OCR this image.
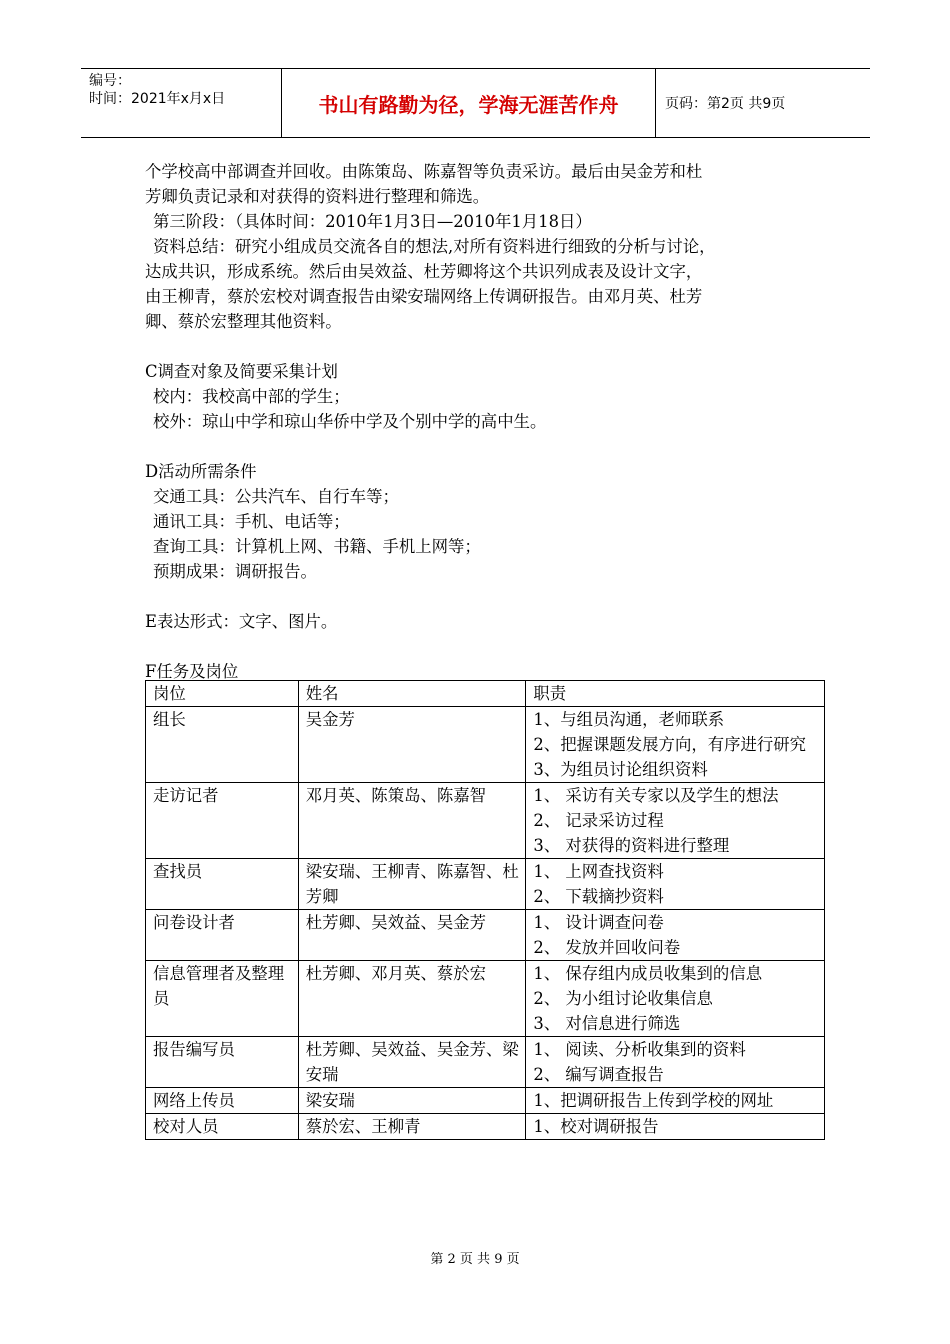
编号：
时间：2021年x月x日	书山有路勤为径，学海无涯苦作舟	页码：第2页 共9页

个学校高中部调查并回收。由陈策岛、陈嘉智等负责采访。最后由吴金芳和杜

芳卿负责记录和对获得的资料进行整理和筛选。

第三阶段：（具体时间：2010年1月3日—2010年1月18日）

资料总结：研究小组成员交流各自的想法,对所有资料进行细致的分析与讨论，

达成共识，形成系统。然后由吴效益、杜芳卿将这个共识列成表及设计文字，

由王柳青，蔡於宏校对调查报告由梁安瑞网络上传调研报告。由邓月英、杜芳

卿、蔡於宏整理其他资料。

C调查对象及简要采集计划

校内：我校高中部的学生；

校外：琼山中学和琼山华侨中学及个别中学的高中生。

D活动所需条件

交通工具：公共汽车、自行车等；

通讯工具：手机、电话等；

查询工具：计算机上网、书籍、手机上网等；

预期成果：调研报告。

E表达形式：文字、图片。

F任务及岗位

岗位	姓名	职责
组长	吴金芳	1、与组员沟通，老师联系
2、把握课题发展方向，有序进行研究
3、为组员讨论组织资料

走访记者	邓月英、陈策岛、陈嘉智	1、 采访有关专家以及学生的想法
2、 记录采访过程
3、 对获得的资料进行整理

查找员	梁安瑞、王柳青、陈嘉智、杜芳卿	1、 上网查找资料
2、 下载摘抄资料

问卷设计者	杜芳卿、吴效益、吴金芳	1、 设计调查问卷
2、 发放并回收问卷

信息管理者及整理员	杜芳卿、邓月英、蔡於宏	1、 保存组内成员收集到的信息
2、 为小组讨论收集信息
3、 对信息进行筛选

报告编写员	杜芳卿、吴效益、吴金芳、梁安瑞	1、 阅读、分析收集到的资料
2、 编写调查报告

网络上传员	梁安瑞	1、把调研报告上传到学校的网址

校对人员	蔡於宏、王柳青	1、校对调研报告
第 2 页 共 9 页
